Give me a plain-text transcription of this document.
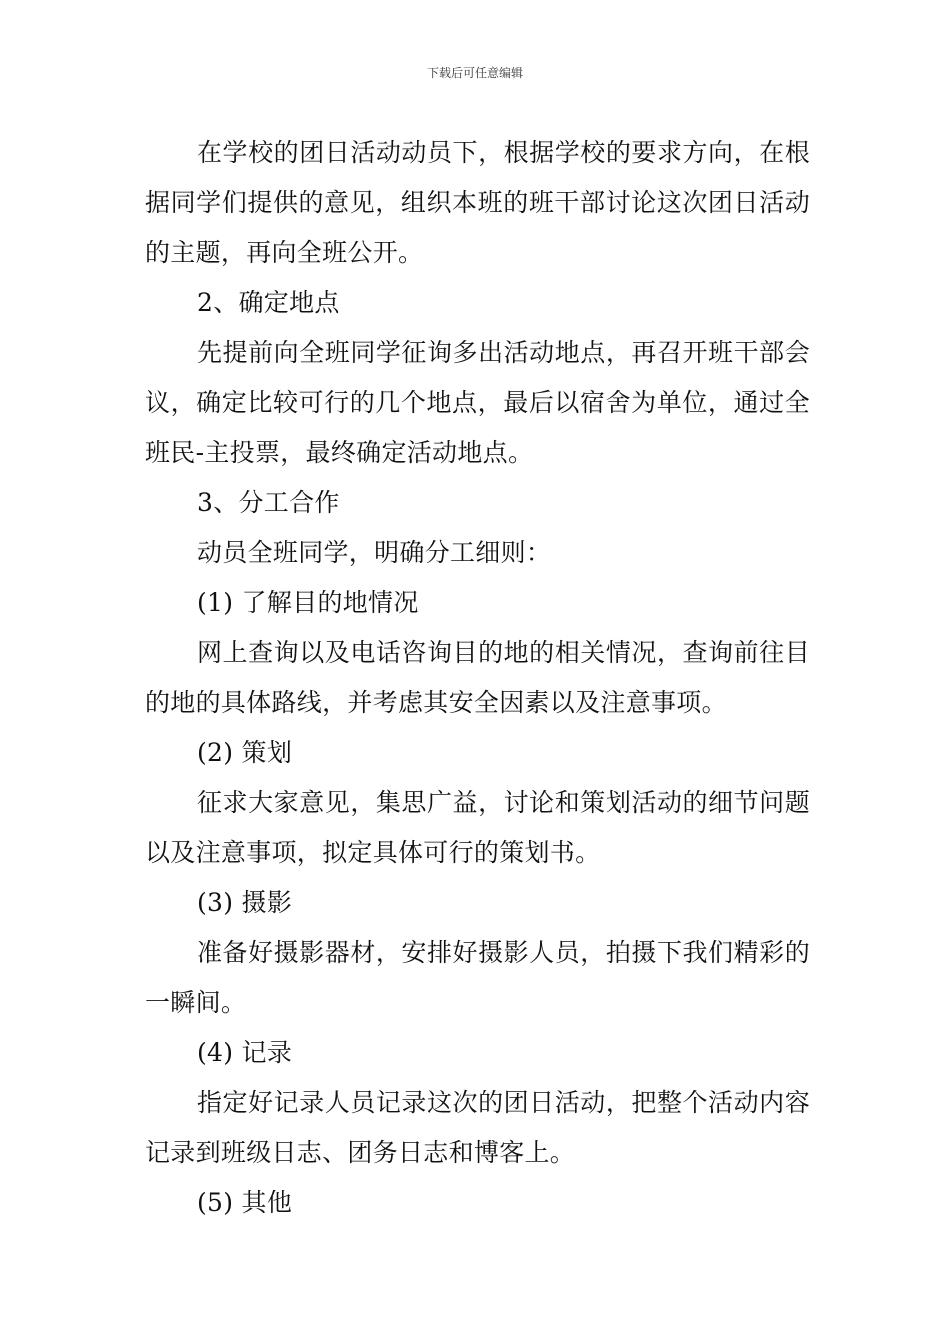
下载后可任意编辑

在学校的团日活动动员下，根据学校的要求方向，在根据同学们提供的意见，组织本班的班干部讨论这次团日活动的主题，再向全班公开。

2、确定地点

先提前向全班同学征询多出活动地点，再召开班干部会议，确定比较可行的几个地点，最后以宿舍为单位，通过全班民-主投票，最终确定活动地点。

3、分工合作

动员全班同学，明确分工细则：

(1) 了解目的地情况

网上查询以及电话咨询目的地的相关情况，查询前往目的地的具体路线，并考虑其安全因素以及注意事项。

(2) 策划

征求大家意见，集思广益，讨论和策划活动的细节问题以及注意事项，拟定具体可行的策划书。

(3) 摄影

准备好摄影器材，安排好摄影人员，拍摄下我们精彩的一瞬间。

(4) 记录

指定好记录人员记录这次的团日活动，把整个活动内容记录到班级日志、团务日志和博客上。

(5) 其他
